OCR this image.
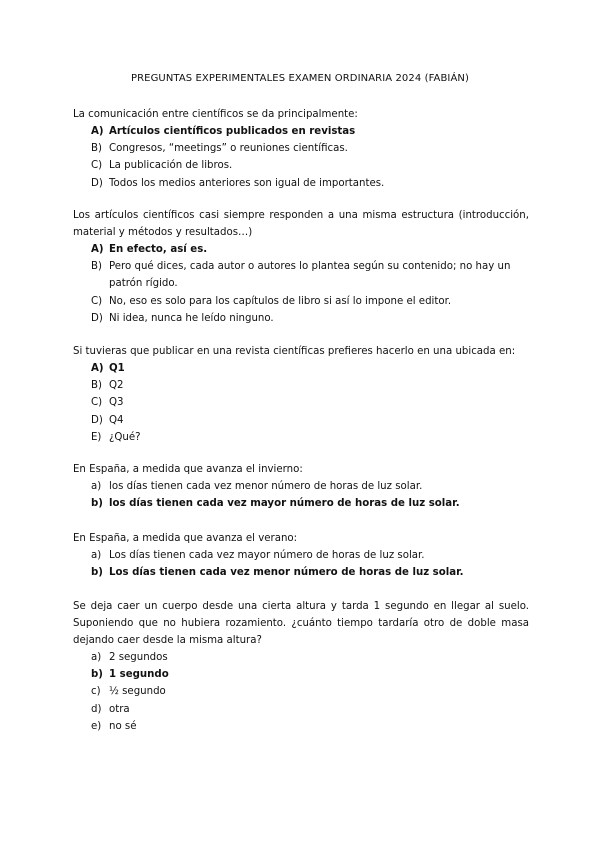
PREGUNTAS EXPERIMENTALES EXAMEN ORDINARIA 2024 (FABIÁN)
La comunicación entre científicos se da principalmente:
A) Artículos científicos publicados en revistas
B) Congresos, “meetings” o reuniones científicas.
C) La publicación de libros.
D) Todos los medios anteriores son igual de importantes.
Los artículos científicos casi siempre responden a una misma estructura (introducción, material y métodos y resultados…)
A) En efecto, así es.
B) Pero qué dices, cada autor o autores lo plantea según su contenido; no hay un patrón rígido.
C) No, eso es solo para los capítulos de libro si así lo impone el editor.
D) Ni idea, nunca he leído ninguno.
Si tuvieras que publicar en una revista científicas prefieres hacerlo en una ubicada en:
A) Q1
B) Q2
C) Q3
D) Q4
E) ¿Qué?
En España, a medida que avanza el invierno:
a) los días tienen cada vez menor número de horas de luz solar.
b) los días tienen cada vez mayor número de horas de luz solar.
En España, a medida que avanza el verano:
a) Los días tienen cada vez mayor número de horas de luz solar.
b) Los días tienen cada vez menor número de horas de luz solar.
Se deja caer un cuerpo desde una cierta altura y tarda 1 segundo en llegar al suelo. Suponiendo que no hubiera rozamiento. ¿cuánto tiempo tardaría otro de doble masa dejando caer desde la misma altura?
a) 2 segundos
b) 1 segundo
c) ½ segundo
d) otra
e) no sé
